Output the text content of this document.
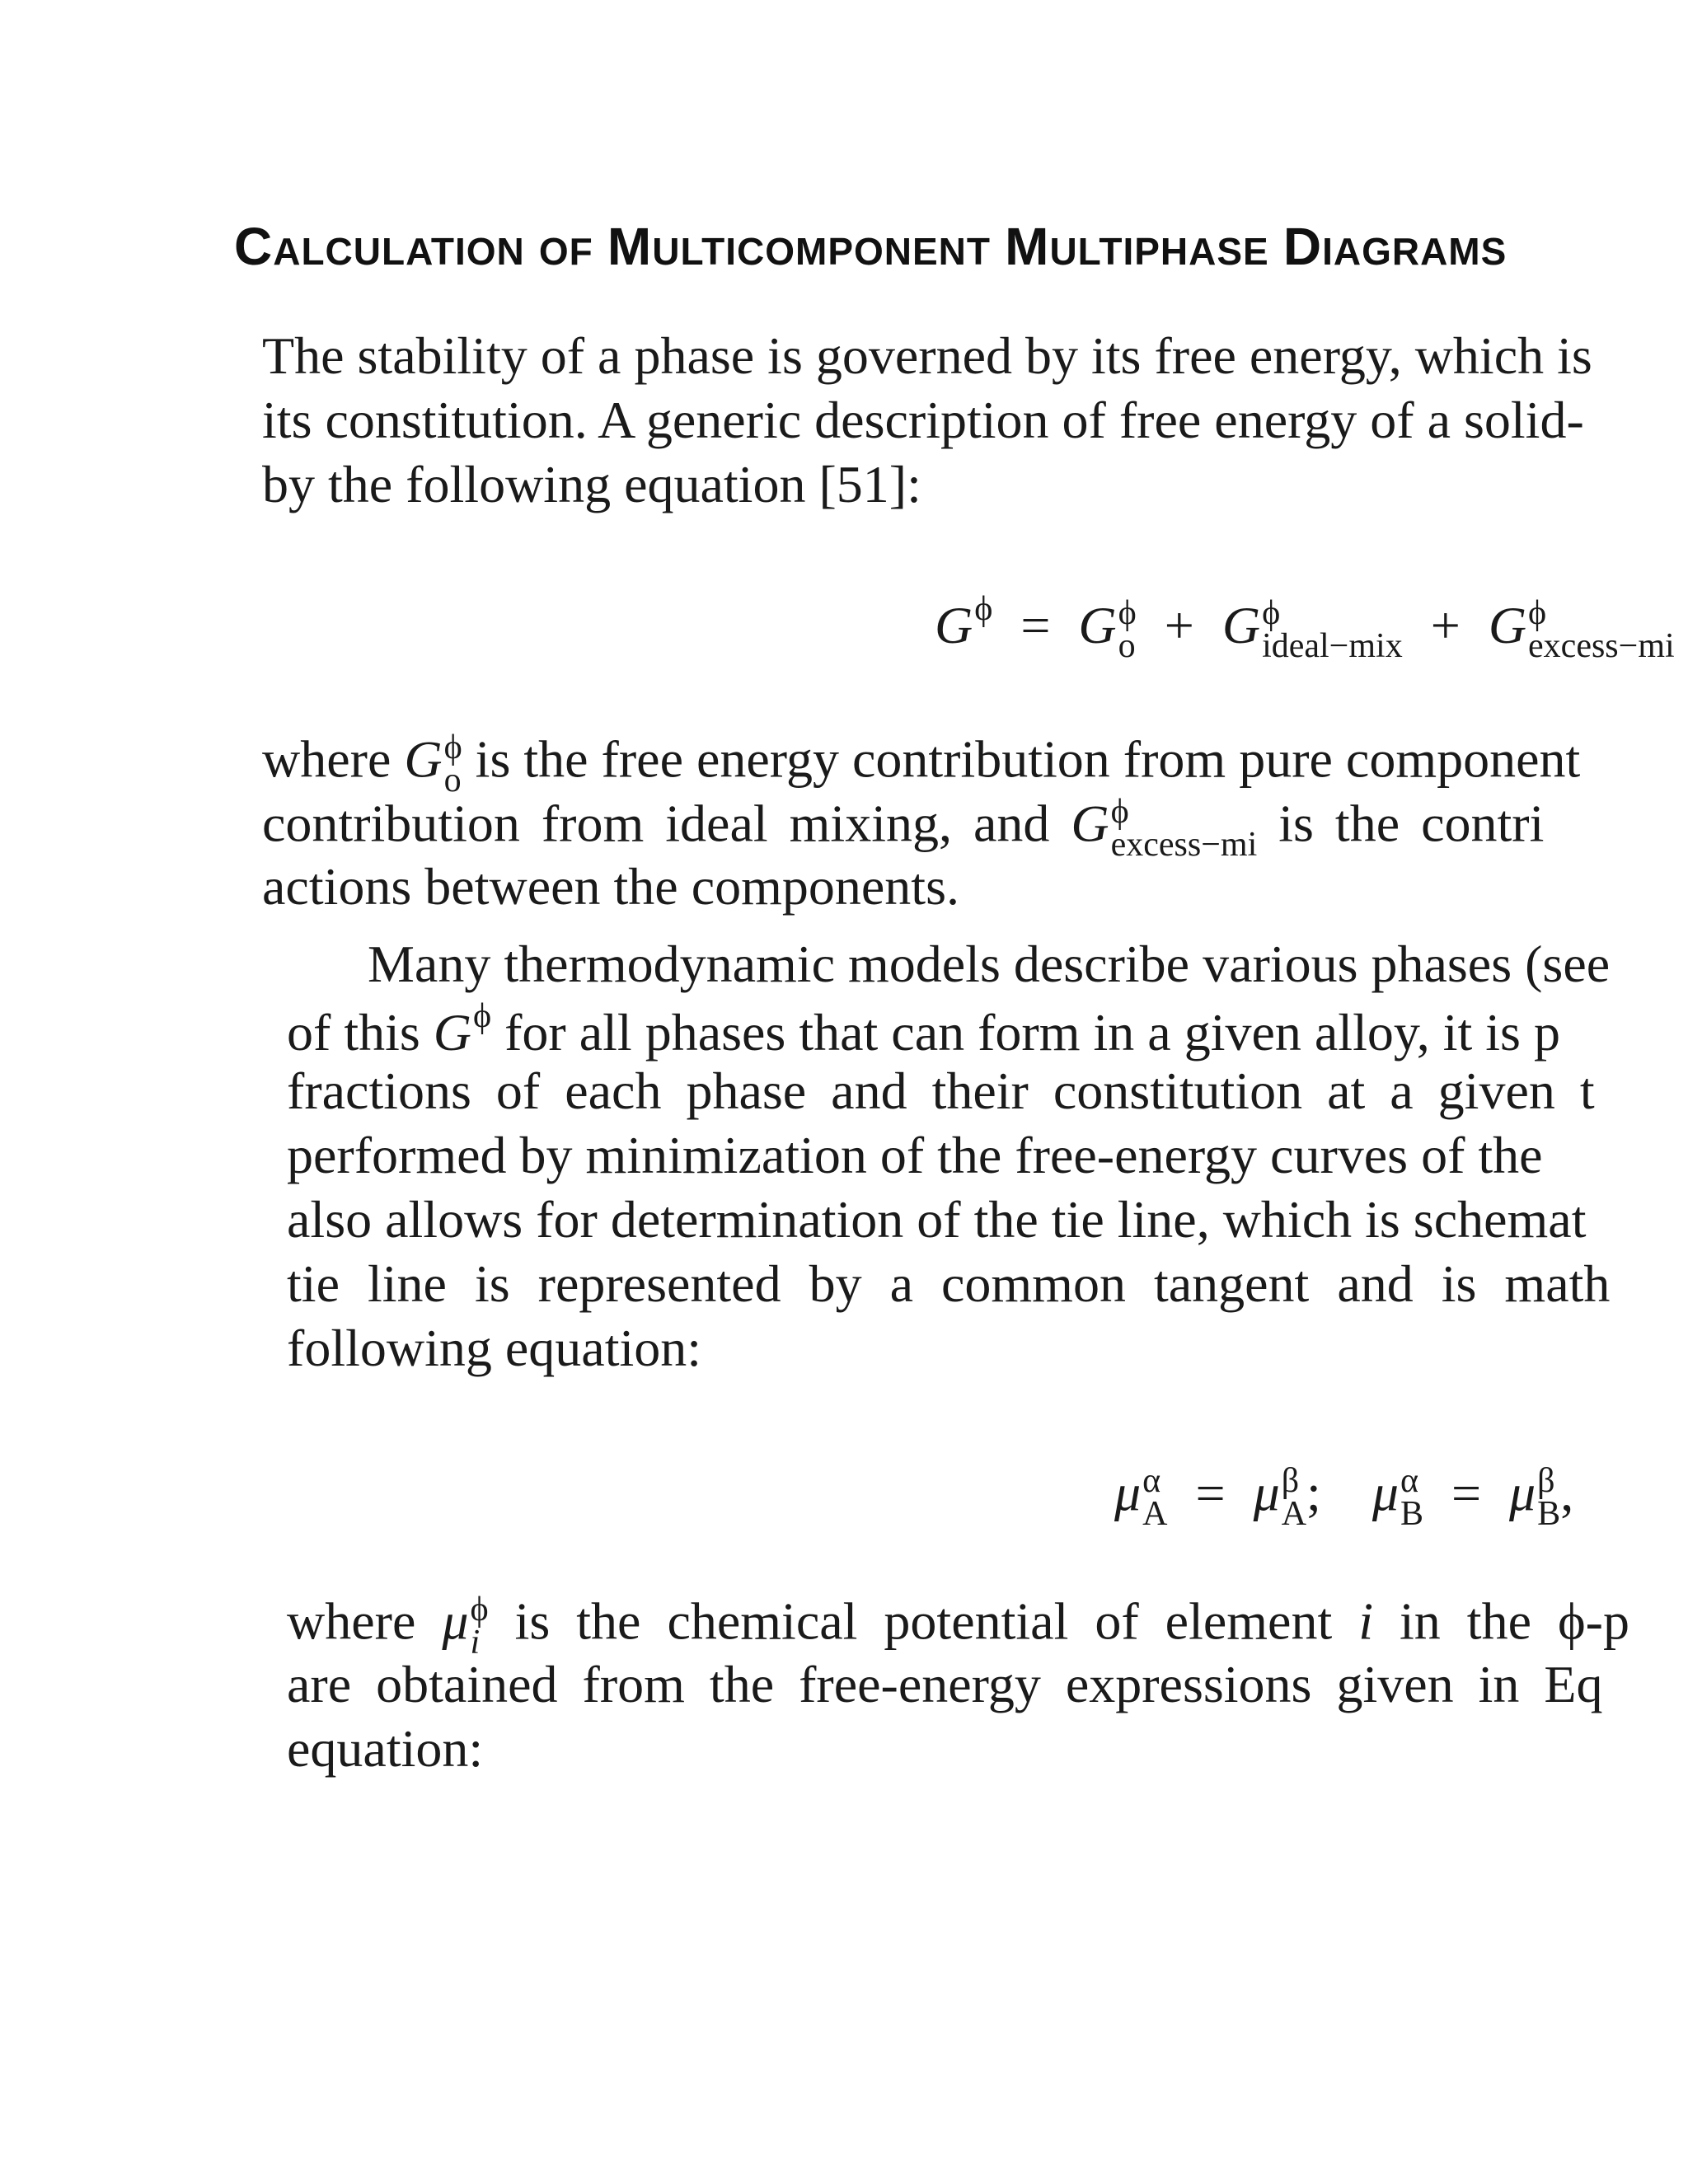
CALCULATION OF MULTICOMPONENT MULTIPHASE DIAGRAMS
The stability of a phase is governed by its free energy, which is
its constitution. A generic description of free energy of a solid-
by the following equation [51]:
G ϕ = G ϕ
o + G ϕ
ideal−mix + G ϕ
excess−mi
where G ϕ
o is the free energy contribution from pure component
contribution from ideal mixing, and G ϕ
excess−mi is the contri
actions between the components.
Many thermodynamic models describe various phases (see
of this G ϕ for all phases that can form in a given alloy, it is p
fractions of each phase and their constitution at a given t
performed by minimization of the free-energy curves of the
also allows for determination of the tie line, which is schemat
tie line is represented by a common tangent and is math
following equation:
μ α
A = μ β
A ; μ α
B = μ β
B ,
where μ ϕ
i is the chemical potential of element i in the ϕ-p
are obtained from the free-energy expressions given in Eq
equation:
